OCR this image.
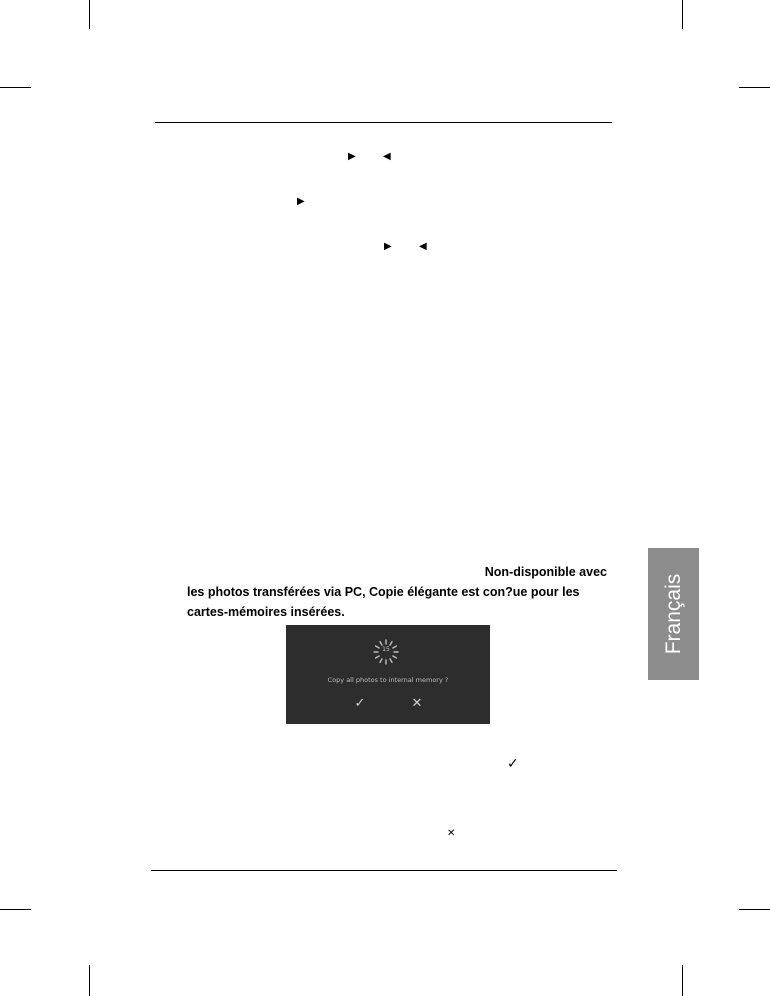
▶	◀
▶
▶	◀
Non-disponible avec
les photos transférées via PC, Copie élégante est con?ue pour les
cartes-mémoires insérées.
15
Copy all photos to internal memory ?
✓	✕
✓
✕
Français
